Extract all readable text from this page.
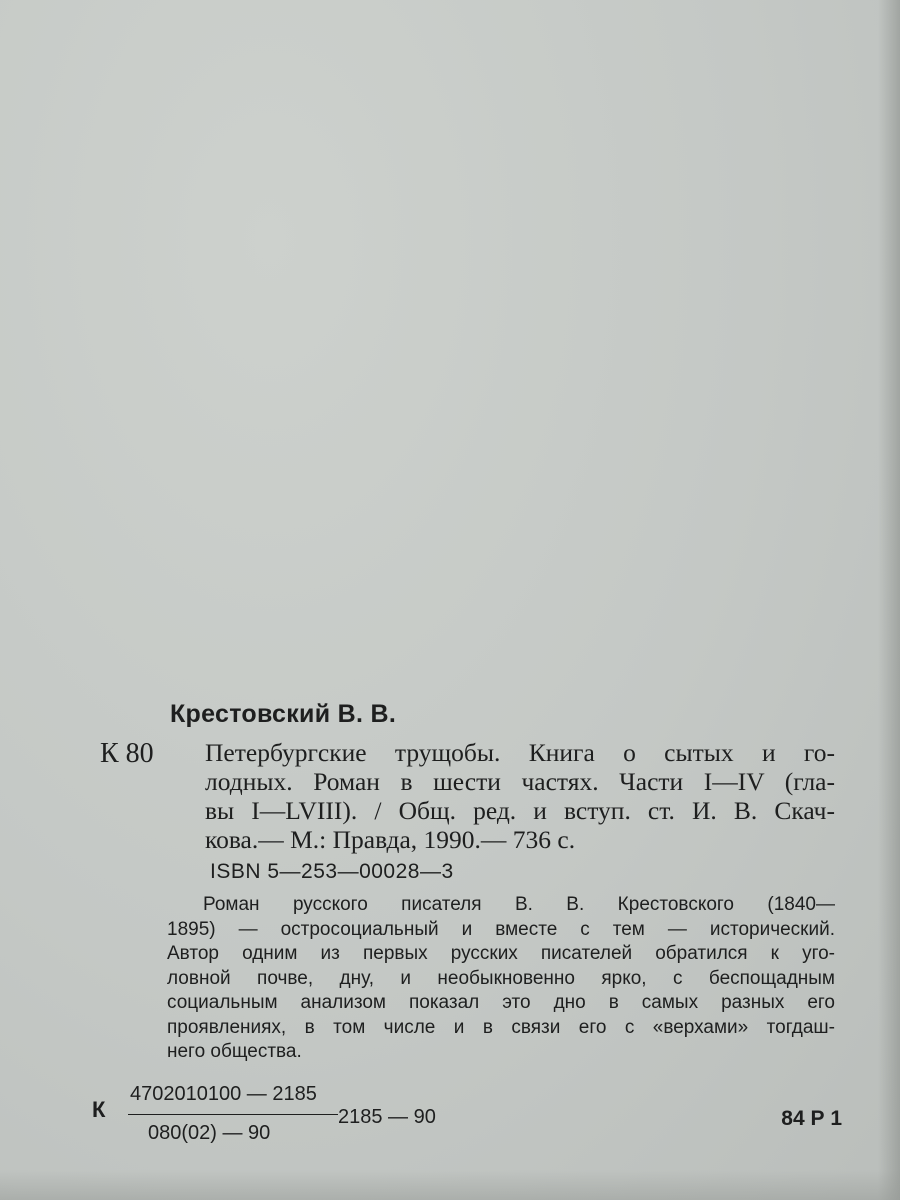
Крестовский В. В.
К 80 Петербургские трущобы. Книга о сытых и го-
лодных. Роман в шести частях. Части I—IV (гла-
вы I—LVIII). / Общ. ред. и вступ. ст. И. В. Скач-
кова.— М.: Правда, 1990.— 736 с.
ISBN 5—253—00028—3
Роман русского писателя В. В. Крестовского (1840—
1895) — остросоциальный и вместе с тем — исторический.
Автор одним из первых русских писателей обратился к уго-
ловной почве, дну, и необыкновенно ярко, с беспощадным
социальным анализом показал это дно в самых разных его
проявлениях, в том числе и в связи его с «верхами» тогдаш-
него общества.
К
4702010100 — 2185
080(02) — 90
2185 — 90	84 Р 1
